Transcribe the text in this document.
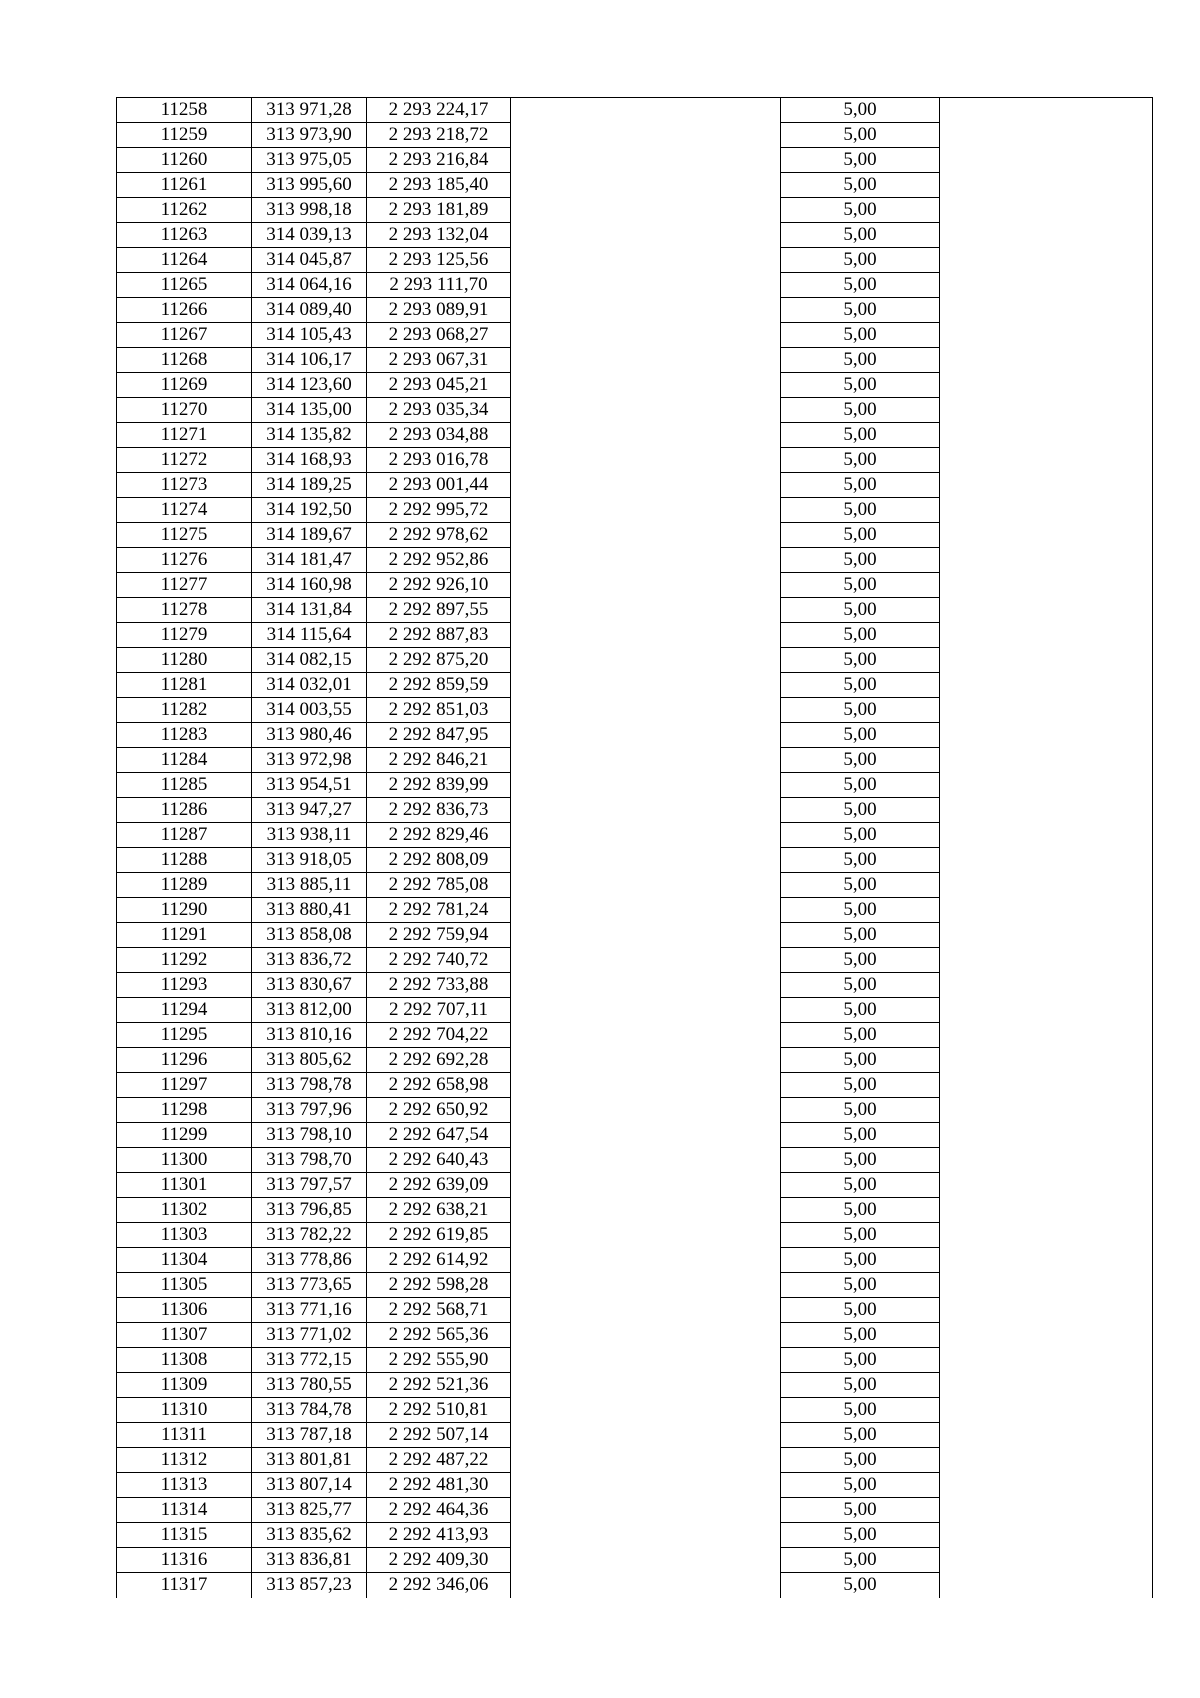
11258	313 971,28	2 293 224,17		5,00	
11259	313 973,90	2 293 218,72		5,00	
11260	313 975,05	2 293 216,84		5,00	
11261	313 995,60	2 293 185,40		5,00	
11262	313 998,18	2 293 181,89		5,00	
11263	314 039,13	2 293 132,04		5,00	
11264	314 045,87	2 293 125,56		5,00	
11265	314 064,16	2 293 111,70		5,00	
11266	314 089,40	2 293 089,91		5,00	
11267	314 105,43	2 293 068,27		5,00	
11268	314 106,17	2 293 067,31		5,00	
11269	314 123,60	2 293 045,21		5,00	
11270	314 135,00	2 293 035,34		5,00	
11271	314 135,82	2 293 034,88		5,00	
11272	314 168,93	2 293 016,78		5,00	
11273	314 189,25	2 293 001,44		5,00	
11274	314 192,50	2 292 995,72		5,00	
11275	314 189,67	2 292 978,62		5,00	
11276	314 181,47	2 292 952,86		5,00	
11277	314 160,98	2 292 926,10		5,00	
11278	314 131,84	2 292 897,55		5,00	
11279	314 115,64	2 292 887,83		5,00	
11280	314 082,15	2 292 875,20		5,00	
11281	314 032,01	2 292 859,59		5,00	
11282	314 003,55	2 292 851,03		5,00	
11283	313 980,46	2 292 847,95		5,00	
11284	313 972,98	2 292 846,21		5,00	
11285	313 954,51	2 292 839,99		5,00	
11286	313 947,27	2 292 836,73		5,00	
11287	313 938,11	2 292 829,46		5,00	
11288	313 918,05	2 292 808,09		5,00	
11289	313 885,11	2 292 785,08		5,00	
11290	313 880,41	2 292 781,24		5,00	
11291	313 858,08	2 292 759,94		5,00	
11292	313 836,72	2 292 740,72		5,00	
11293	313 830,67	2 292 733,88		5,00	
11294	313 812,00	2 292 707,11		5,00	
11295	313 810,16	2 292 704,22		5,00	
11296	313 805,62	2 292 692,28		5,00	
11297	313 798,78	2 292 658,98		5,00	
11298	313 797,96	2 292 650,92		5,00	
11299	313 798,10	2 292 647,54		5,00	
11300	313 798,70	2 292 640,43		5,00	
11301	313 797,57	2 292 639,09		5,00	
11302	313 796,85	2 292 638,21		5,00	
11303	313 782,22	2 292 619,85		5,00	
11304	313 778,86	2 292 614,92		5,00	
11305	313 773,65	2 292 598,28		5,00	
11306	313 771,16	2 292 568,71		5,00	
11307	313 771,02	2 292 565,36		5,00	
11308	313 772,15	2 292 555,90		5,00	
11309	313 780,55	2 292 521,36		5,00	
11310	313 784,78	2 292 510,81		5,00	
11311	313 787,18	2 292 507,14		5,00	
11312	313 801,81	2 292 487,22		5,00	
11313	313 807,14	2 292 481,30		5,00	
11314	313 825,77	2 292 464,36		5,00	
11315	313 835,62	2 292 413,93		5,00	
11316	313 836,81	2 292 409,30		5,00	
11317	313 857,23	2 292 346,06		5,00	
